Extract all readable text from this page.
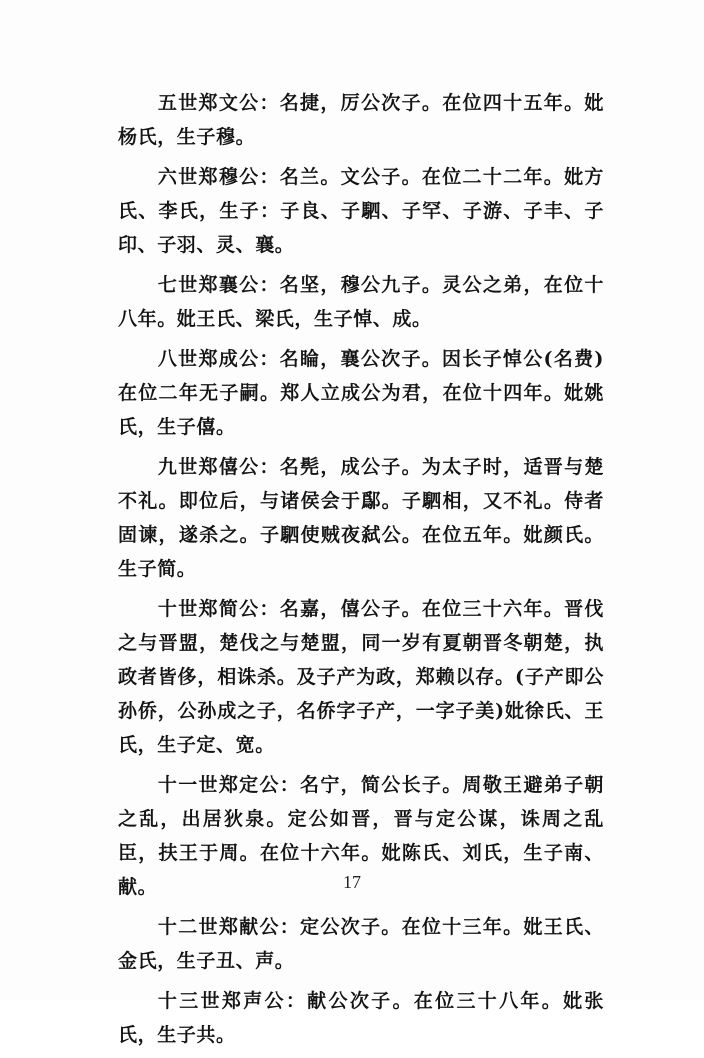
五世郑文公：名捷，厉公次子。在位四十五年。妣杨氏，生子穆。

六世郑穆公：名兰。文公子。在位二十二年。妣方氏、李氏，生子：子良、子駟、子罕、子游、子丰、子印、子羽、灵、襄。

七世郑襄公：名坚，穆公九子。灵公之弟，在位十八年。妣王氏、梁氏，生子悼、成。

八世郑成公：名睔，襄公次子。因长子悼公(名费)在位二年无子嗣。郑人立成公为君，在位十四年。妣姚氏，生子僖。

九世郑僖公：名髡，成公子。为太子时，适晋与楚不礼。即位后，与诸侯会于鄬。子駟相，又不礼。侍者固谏，遂杀之。子駟使贼夜弑公。在位五年。妣颜氏。生子简。

十世郑简公：名嘉，僖公子。在位三十六年。晋伐之与晋盟，楚伐之与楚盟，同一岁有夏朝晋冬朝楚，执政者皆侈，相诛杀。及子产为政，郑赖以存。(子产即公孙侨，公孙成之子，名侨字子产，一字子美)妣徐氏、王氏，生子定、宽。

十一世郑定公：名宁，简公长子。周敬王避弟子朝之乱，出居狄泉。定公如晋，晋与定公谋，诛周之乱臣，扶王于周。在位十六年。妣陈氏、刘氏，生子南、献。

十二世郑献公：定公次子。在位十三年。妣王氏、金氏，生子丑、声。

十三世郑声公：献公次子。在位三十八年。妣张氏，生子共。

17
